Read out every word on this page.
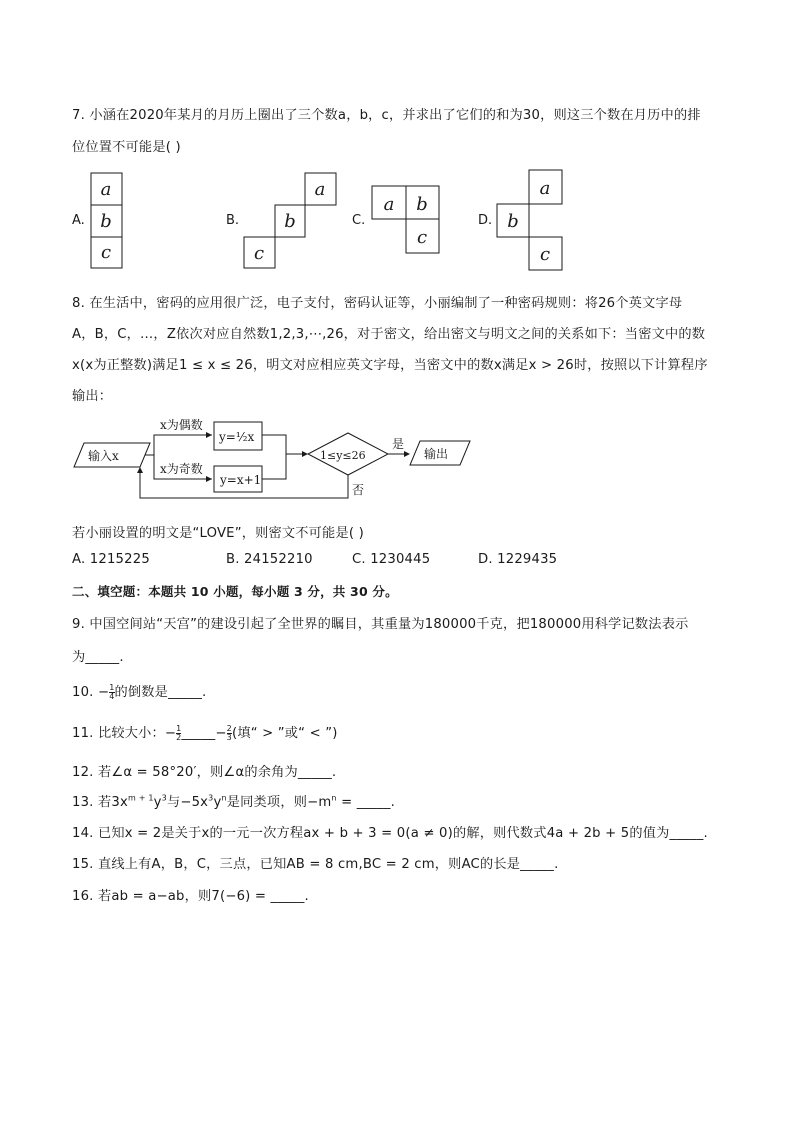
7. 小涵在2020年某月的月历上圈出了三个数a，b，c，并求出了它们的和为30，则这三个数在月历中的排
位位置不可能是( )
A.	B.	C.	D.
a
b
c
a
b
c
a b
c
a
b
c
8. 在生活中，密码的应用很广泛，电子支付，密码认证等，小丽编制了一种密码规则：将26个英文字母
A，B，C，…，Z依次对应自然数1,2,3,⋯,26，对于密文，给出密文与明文之间的关系如下：当密文中的数
x(x为正整数)满足1 ≤ x ≤ 26，明文对应相应英文字母，当密文中的数x满足x > 26时，按照以下计算程序
输出：
输入x
x为偶数
x为奇数
y=½x
y=x+1
1≤y≤26
是
否
输出
若小丽设置的明文是“LOVE”，则密文不可能是( )
A. 1215225	B. 24152210	C. 1230445	D. 1229435
二、填空题：本题共 10 小题，每小题 3 分，共 30 分。
9. 中国空间站“天宫”的建设引起了全世界的瞩目，其重量为180000千克，把180000用科学记数法表示
为_____.
10. − $\frac{1}{4}$ 的倒数是_____.
11. 比较大小：− $\frac{1}{2}$ _____− $\frac{2}{3}$ (填“ > ”或“ < ”)
12. 若∠α = 58°20′，则∠α的余角为_____.
13. 若$3x^{m + 1}y^3$与$-5x^3y^n$是同类项，则$-m^n$ = _____.
14. 已知x = 2是关于x的一元一次方程ax + b + 3 = 0(a ≠ 0)的解，则代数式4a + 2b + 5的值为_____.
15. 直线上有A，B，C，三点，已知AB = 8 cm,BC = 2 cm，则AC的长是_____.
16. 若ab = a−ab，则7(−6) = _____.
